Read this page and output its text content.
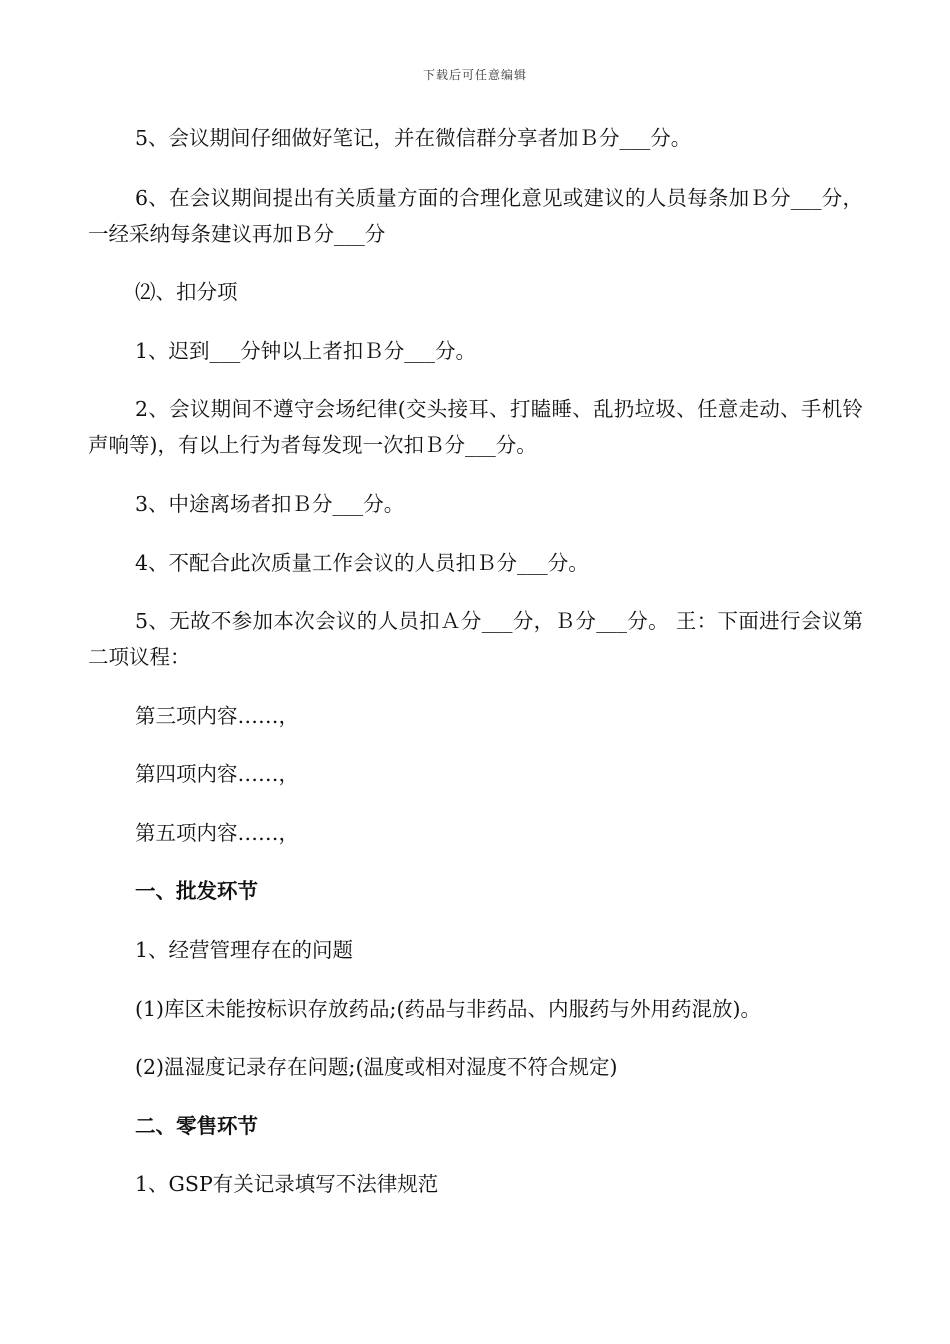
下载后可任意编辑
5、会议期间仔细做好笔记，并在微信群分享者加Ｂ分___分。
6、在会议期间提出有关质量方面的合理化意见或建议的人员每条加Ｂ分___分，一经采纳每条建议再加Ｂ分___分
⑵、扣分项
1、迟到___分钟以上者扣Ｂ分___分。
2、会议期间不遵守会场纪律(交头接耳、打瞌睡、乱扔垃圾、任意走动、手机铃声响等)，有以上行为者每发现一次扣Ｂ分___分。
3、中途离场者扣Ｂ分___分。
4、不配合此次质量工作会议的人员扣Ｂ分___分。
5、无故不参加本次会议的人员扣Ａ分___分，Ｂ分___分。 王：下面进行会议第二项议程：
第三项内容……，
第四项内容……，
第五项内容……，
一、批发环节
1、经营管理存在的问题
(1)库区未能按标识存放药品;(药品与非药品、内服药与外用药混放)。
(2)温湿度记录存在问题;(温度或相对湿度不符合规定)
二、零售环节
1、GSP有关记录填写不法律规范
